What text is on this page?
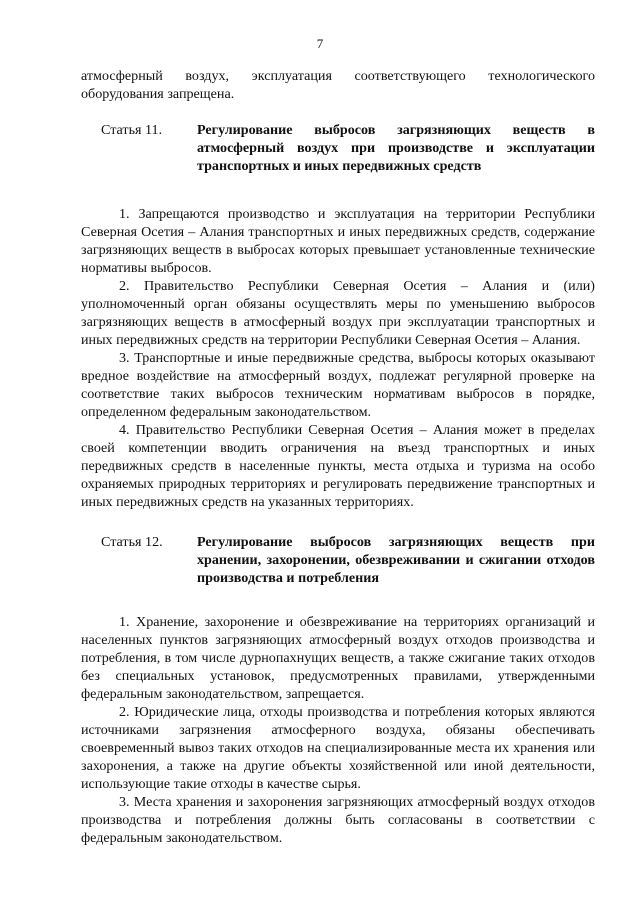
7

атмосферный воздух, эксплуатация соответствующего технологического оборудования запрещена.

Статья 11.	Регулирование выбросов загрязняющих веществ в атмосферный воздух при производстве и эксплуатации транспортных и иных передвижных средств

1. Запрещаются производство и эксплуатация на территории Республики Северная Осетия – Алания транспортных и иных передвижных средств, содержание загрязняющих веществ в выбросах которых превышает установленные технические нормативы выбросов.

2. Правительство Республики Северная Осетия – Алания и (или) уполномоченный орган обязаны осуществлять меры по уменьшению выбросов загрязняющих веществ в атмосферный воздух при эксплуатации транспортных и иных передвижных средств на территории Республики Северная Осетия – Алания.

3. Транспортные и иные передвижные средства, выбросы которых оказывают вредное воздействие на атмосферный воздух, подлежат регулярной проверке на соответствие таких выбросов техническим нормативам выбросов в порядке, определенном федеральным законодательством.

4. Правительство Республики Северная Осетия – Алания может в пределах своей компетенции вводить ограничения на въезд транспортных и иных передвижных средств в населенные пункты, места отдыха и туризма на особо охраняемых природных территориях и регулировать передвижение транспортных и иных передвижных средств на указанных территориях.

Статья 12.	Регулирование выбросов загрязняющих веществ при хранении, захоронении, обезвреживании и сжигании отходов производства и потребления

1. Хранение, захоронение и обезвреживание на территориях организаций и населенных пунктов загрязняющих атмосферный воздух отходов производства и потребления, в том числе дурнопахнущих веществ, а также сжигание таких отходов без специальных установок, предусмотренных правилами, утвержденными федеральным законодательством, запрещается.

2. Юридические лица, отходы производства и потребления которых являются источниками загрязнения атмосферного воздуха, обязаны обеспечивать своевременный вывоз таких отходов на специализированные места их хранения или захоронения, а также на другие объекты хозяйственной или иной деятельности, использующие такие отходы в качестве сырья.

3. Места хранения и захоронения загрязняющих атмосферный воздух отходов производства и потребления должны быть согласованы в соответствии с федеральным законодательством.
